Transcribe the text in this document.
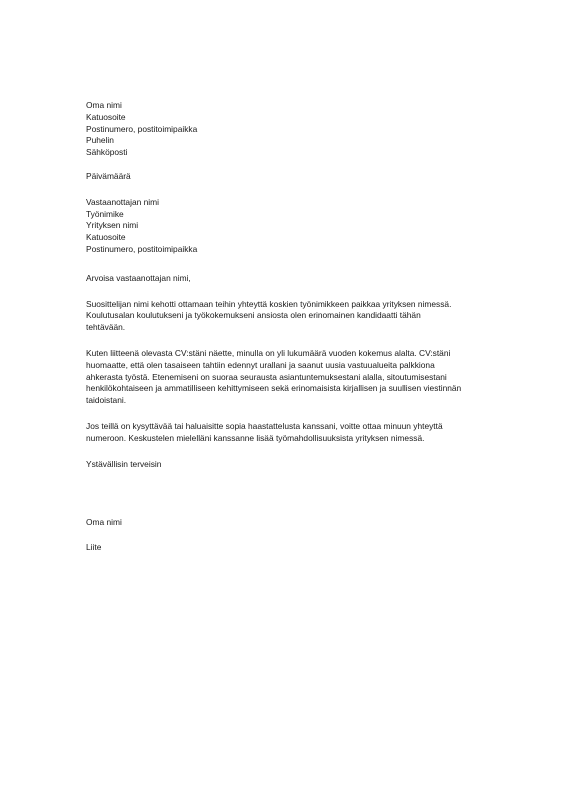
Oma nimi
Katuosoite
Postinumero, postitoimipaikka
Puhelin
Sähköposti
Päivämäärä
Vastaanottajan nimi
Työnimike
Yrityksen nimi
Katuosoite
Postinumero, postitoimipaikka
Arvoisa vastaanottajan nimi,
Suosittelijan nimi kehotti ottamaan teihin yhteyttä koskien työnimikkeen paikkaa yrityksen nimessä.
Koulutusalan koulutukseni ja työkokemukseni ansiosta olen erinomainen kandidaatti tähän
tehtävään.
Kuten liitteenä olevasta CV:stäni näette, minulla on yli lukumäärä vuoden kokemus alalta. CV:stäni
huomaatte, että olen tasaiseen tahtiin edennyt urallani ja saanut uusia vastuualueita palkkiona
ahkerasta työstä. Etenemiseni on suoraa seurausta asiantuntemuksestani alalla, sitoutumisestani
henkilökohtaiseen ja ammatilliseen kehittymiseen sekä erinomaisista kirjallisen ja suullisen viestinnän
taidoistani.
Jos teillä on kysyttävää tai haluaisitte sopia haastattelusta kanssani, voitte ottaa minuun yhteyttä
numeroon. Keskustelen mielelläni kanssanne lisää työmahdollisuuksista yrityksen nimessä.
Ystävällisin terveisin
Oma nimi
Liite
